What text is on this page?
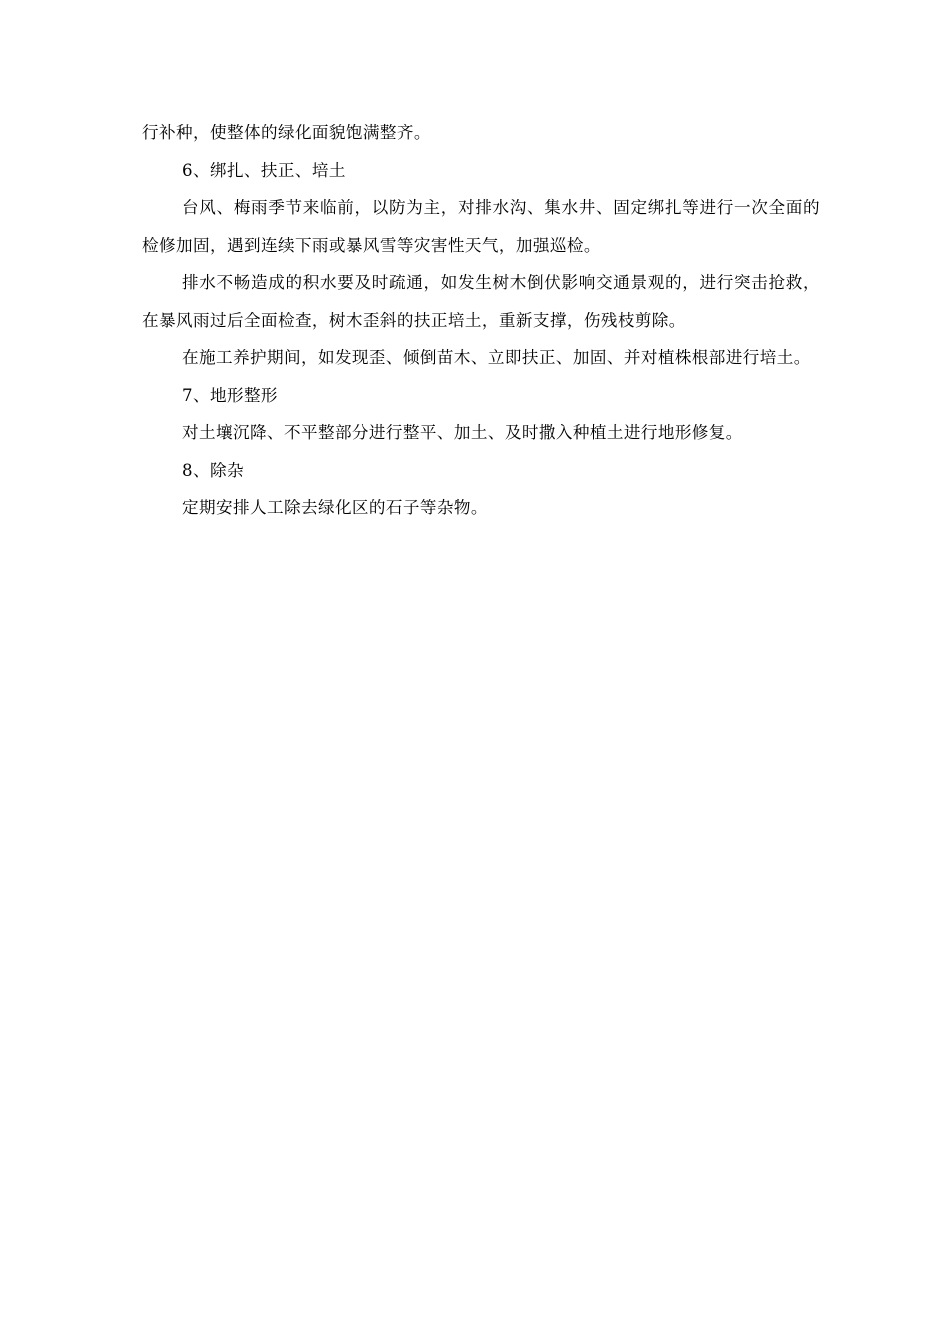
行补种，使整体的绿化面貌饱满整齐。

6、绑扎、扶正、培土

台风、梅雨季节来临前，以防为主，对排水沟、集水井、固定绑扎等进行一次全面的检修加固，遇到连续下雨或暴风雪等灾害性天气，加强巡检。

排水不畅造成的积水要及时疏通，如发生树木倒伏影响交通景观的，进行突击抢救，在暴风雨过后全面检查，树木歪斜的扶正培土，重新支撑，伤残枝剪除。

在施工养护期间，如发现歪、倾倒苗木、立即扶正、加固、并对植株根部进行培土。

7、地形整形

对土壤沉降、不平整部分进行整平、加土、及时撒入种植土进行地形修复。

8、除杂

定期安排人工除去绿化区的石子等杂物。
